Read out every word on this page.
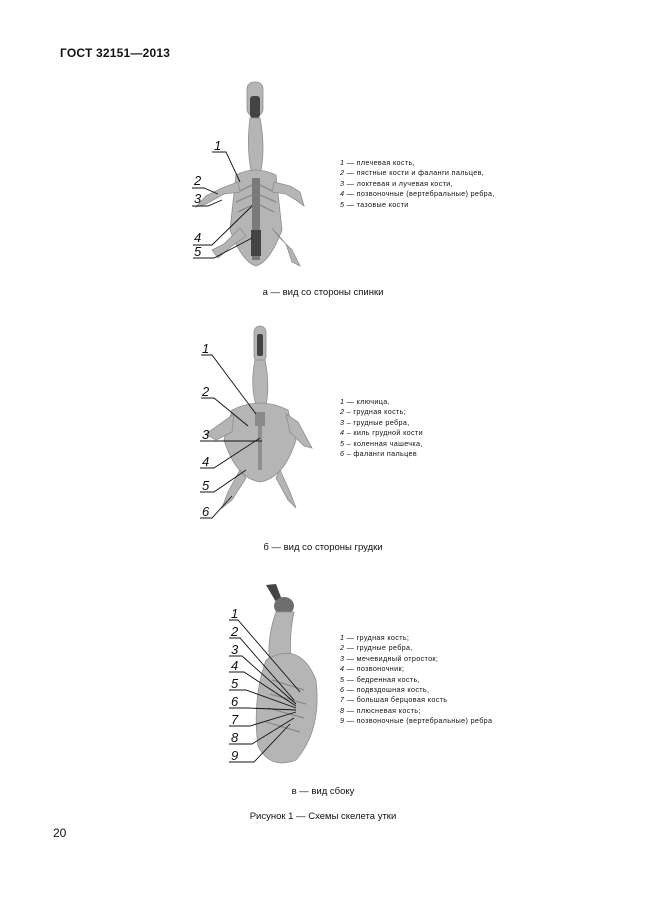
ГОСТ 32151—2013
1
2
3
4
5
1 — плечевая кость,
2 — пястные кости и фаланги пальцев,
3 — локтевая и лучевая кости,
4 — позвоночные (вертебральные) ребра,
5 — тазовые кости
а — вид со стороны спинки
1
2
3
4
5
6
1 — ключица,
2 – грудная кость;
3 – грудные ребра,
4 – киль грудной кости
5 – коленная чашечка,
6 – фаланги пальцев
б — вид со стороны грудки
1
2
3
4
5
6
7
8
9
1 — грудная кость;
2 — грудные ребра,
3 — мечевидный отросток;
4 — позвоночник;
5 — бедренная кость,
6 — подвздошная кость,
7 — большая берцовая кость
8 — плюсневая кость;
9 — позвоночные (вертебральные) ребра
в — вид сбоку
Рисунок 1 — Схемы скелета утки
20
